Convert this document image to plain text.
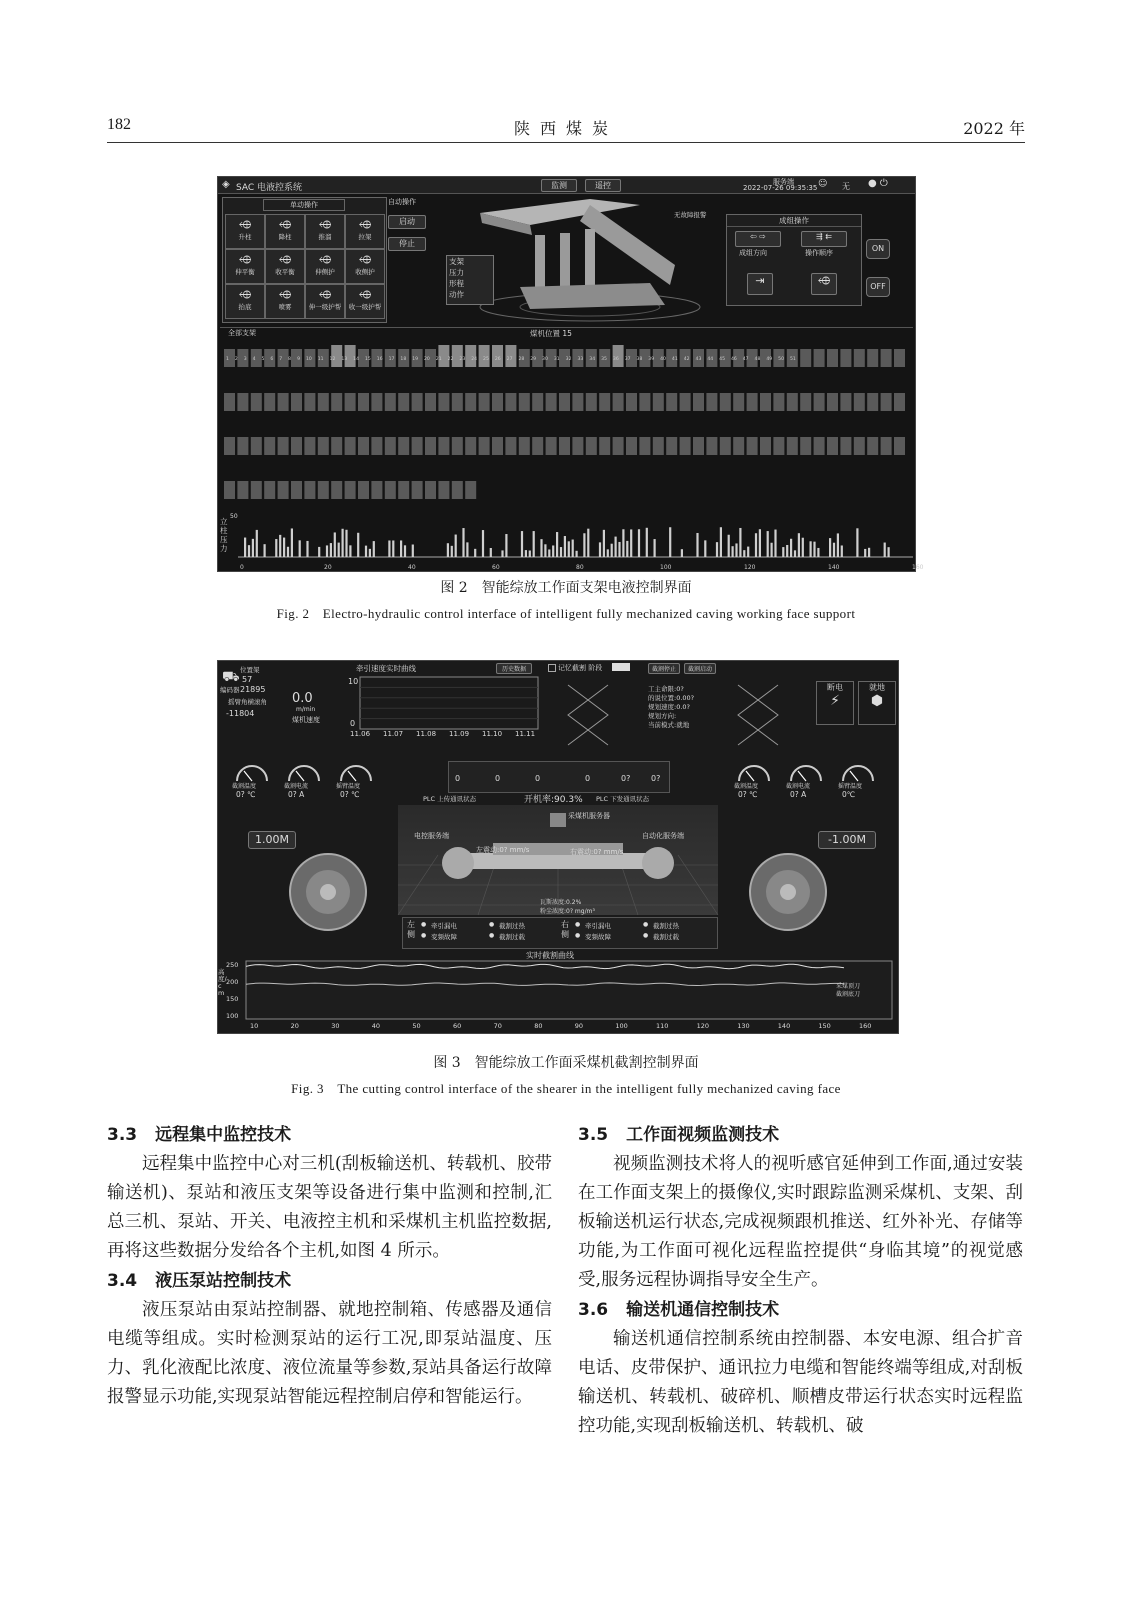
182	陕西煤炭	2022 年
◈ SAC 电液控系统	监测	遥控	服务端
2022-07-26 09:35:35	无
☺	● ⏻
单动操作
⬲
升柱
⬲
降柱
⬲
推溜
⬲
拉架
⬲
伸平衡
⬲
收平衡
⬲
伸侧护
⬲
收侧护
⬲
抬底
⬲
喷雾
⬲
伸一级护帮
⬲
收一级护帮
自动操作
启动
停止
支架
压力
形程
动作
无故障报警
成组操作
⇦ ⇨	⇶ ⇇
成组方向	操作顺序
⇥	⬲
ON
OFF
全部支架	煤机位置 15
1 2 3 4 5 6 7 8 9 10 11 12 13 14 15 16 17 18 19 20 21 22 23 24 25 26 27 28 29 30 31 32 33 34 35 36 37 38 39 40 41 42 43 44 45 46 47 48 49 50 51
立柱压力
50
0	20	40	60	80	100	120	140	160
图 2　智能综放工作面支架电液控制界面
Fig. 2　Electro-hydraulic control interface of intelligent fully mechanized caving working face support
⛟ 位置架
57
编码器 21895
摇臂角横滚角
-11804
0.0
m/min
煤机速度
牵引速度实时曲线	历史数据
10
0
11.06 11.07 11.08 11.09 11.10 11.11
记忆截割 阶段	截割停止	截割启动
工主命限:0?
的说位置:0.00?
规划速度:0.0?
规划方向:
当前模式:就地
断电
⚡
就地
⬢
截割温度
0? ℃
截割电流
0? A
摇臂温度
0? ℃
截割温度
0? ℃
截割电流
0? A
摇臂温度
0℃
0	0	0	0	0?	0?
PLC 上传通讯状态	开机率:90.3% PLC 下发通讯状态
采煤机服务器
电控服务端	自动化服务端
左震动:0? mm/s	右震动:0? mm/s
瓦斯浓度:0.2%
粉尘浓度:0? mg/m³
1.00M	-1.00M
左侧
● 牵引漏电	● 截割过热
● 变频故障	● 截割过载
右侧
● 牵引漏电	● 截割过热
● 变频故障	● 截割过载
实时截割曲线
高度/cm
250
200
150
100
10	20	30	40	50	60	70	80	90	100	110	120	130	140	150	160
采煤顶刀
截割底刀
图 3　智能综放工作面采煤机截割控制界面
Fig. 3　The cutting control interface of the shearer in the intelligent fully mechanized caving face
3.3 远程集中监控技术

远程集中监控中心对三机(刮板输送机、转载机、胶带输送机)、泵站和液压支架等设备进行集中监测和控制,汇总三机、泵站、开关、电液控主机和采煤机主机监控数据,再将这些数据分发给各个主机,如图 4 所示。

3.4 液压泵站控制技术

液压泵站由泵站控制器、就地控制箱、传感器及通信电缆等组成。实时检测泵站的运行工况,即泵站温度、压力、乳化液配比浓度、液位流量等参数,泵站具备运行故障报警显示功能,实现泵站智能远程控制启停和智能运行。

3.5 工作面视频监测技术

视频监测技术将人的视听感官延伸到工作面,通过安装在工作面支架上的摄像仪,实时跟踪监测采煤机、支架、刮板输送机运行状态,完成视频跟机推送、红外补光、存储等功能,为工作面可视化远程监控提供“身临其境”的视觉感受,服务远程协调指导安全生产。

3.6 输送机通信控制技术

输送机通信控制系统由控制器、本安电源、组合扩音电话、皮带保护、通讯拉力电缆和智能终端等组成,对刮板输送机、转载机、破碎机、顺槽皮带运行状态实时远程监控功能,实现刮板输送机、转载机、破
